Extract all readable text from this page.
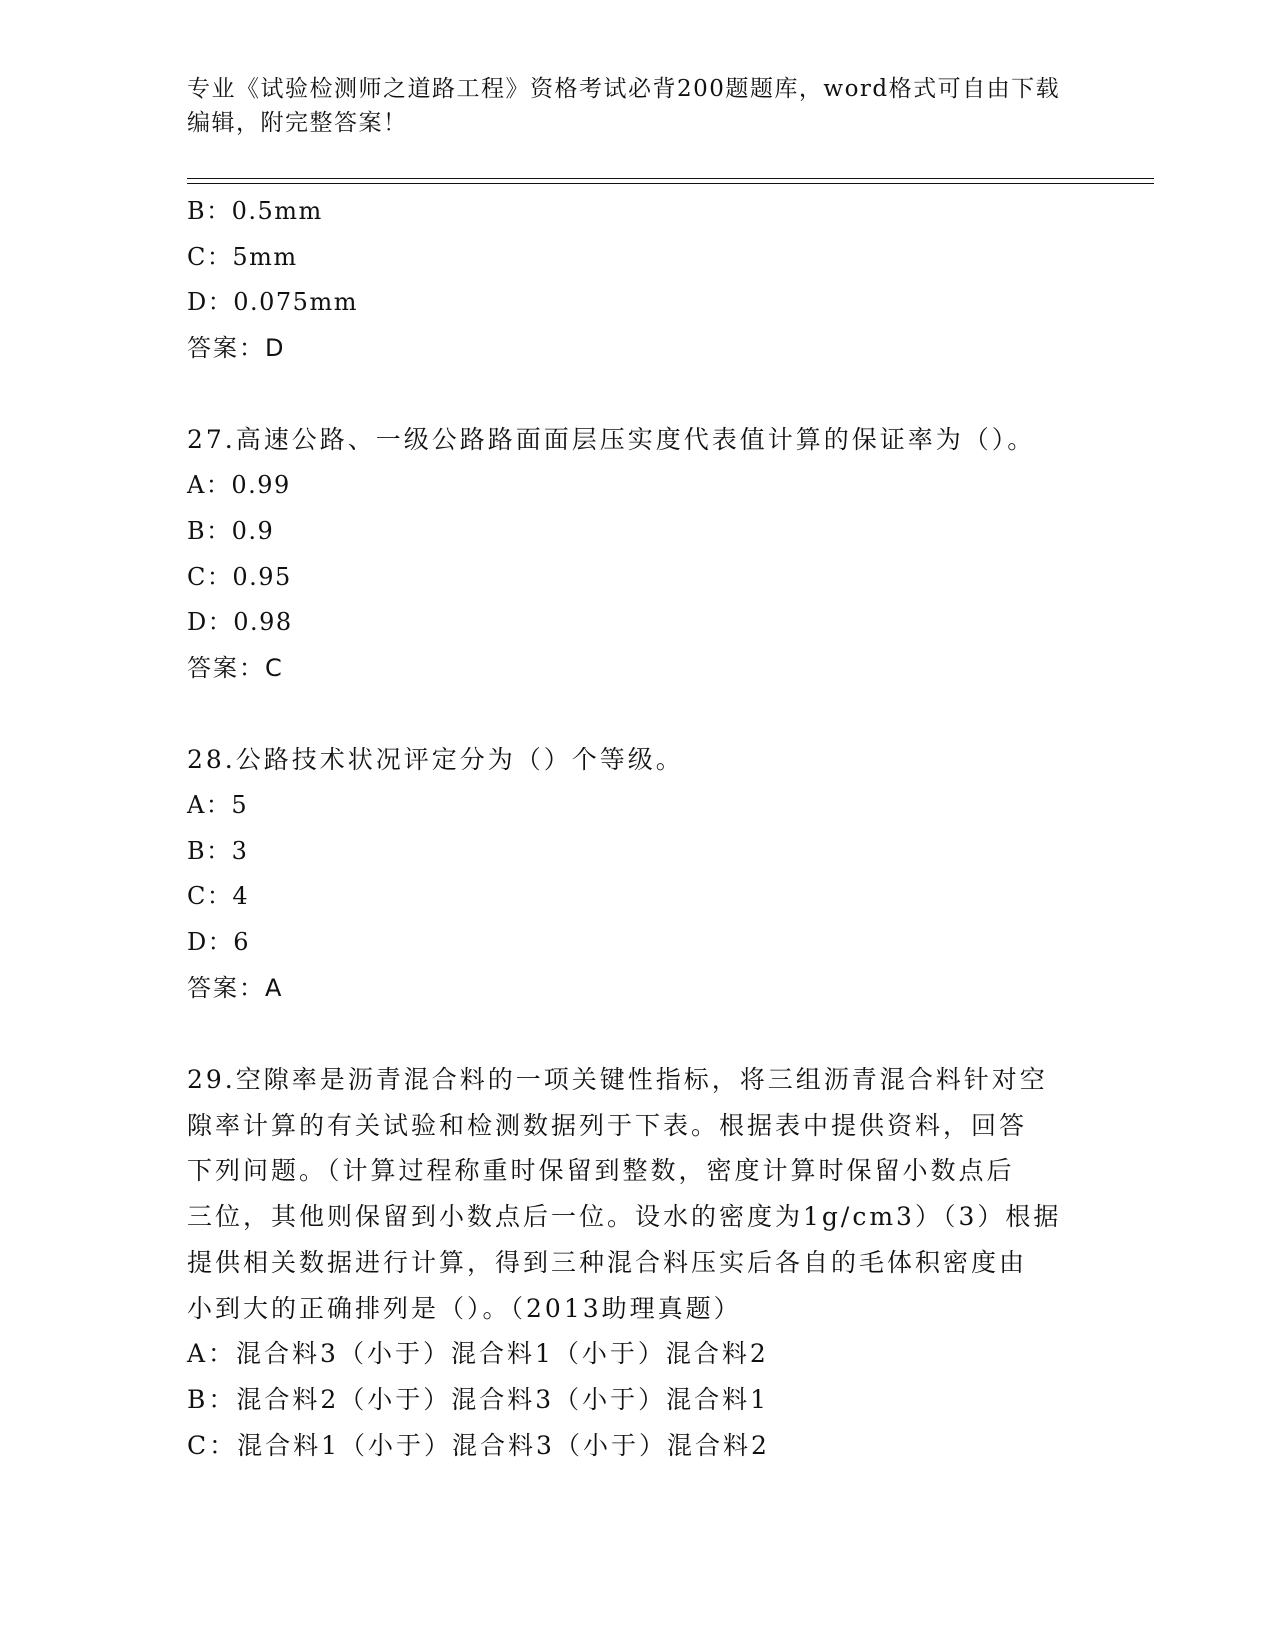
专业《试验检测师之道路工程》资格考试必背200题题库，word格式可自由下载
编辑，附完整答案！
B：0.5mm
C：5mm
D：0.075mm
答案：D
27.高速公路、一级公路路面面层压实度代表值计算的保证率为（）。
A：0.99
B：0.9
C：0.95
D：0.98
答案：C
28.公路技术状况评定分为（）个等级。
A：5
B：3
C：4
D：6
答案：A
29.空隙率是沥青混合料的一项关键性指标，将三组沥青混合料针对空
隙率计算的有关试验和检测数据列于下表。根据表中提供资料，回答
下列问题。（计算过程称重时保留到整数，密度计算时保留小数点后
三位，其他则保留到小数点后一位。设水的密度为1g/cm3）（3）根据
提供相关数据进行计算，得到三种混合料压实后各自的毛体积密度由
小到大的正确排列是（）。（2013助理真题）
A：混合料3（小于）混合料1（小于）混合料2
B：混合料2（小于）混合料3（小于）混合料1
C：混合料1（小于）混合料3（小于）混合料2
